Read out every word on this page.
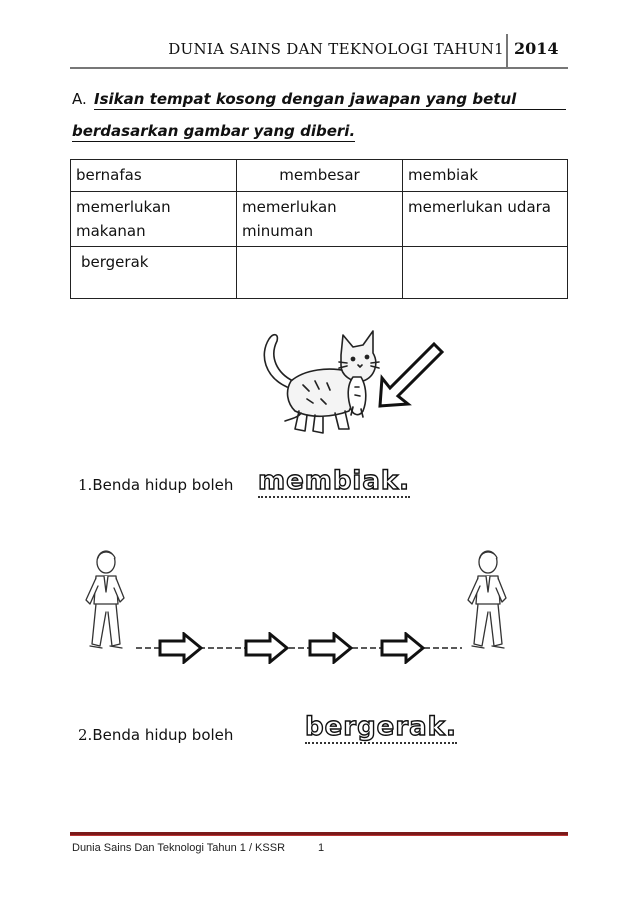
DUNIA SAINS DAN TEKNOLOGI TAHUN1 2014
A. Isikan tempat kosong dengan jawapan yang betul
berdasarkan gambar yang diberi.
bernafas	membesar	membiak
memerlukan makanan	memerlukan minuman	memerlukan udara
bergerak		
1.Benda hidup boleh membiak.
2.Benda hidup boleh	bergerak.
Dunia Sains Dan Teknologi Tahun 1 / KSSR	1
